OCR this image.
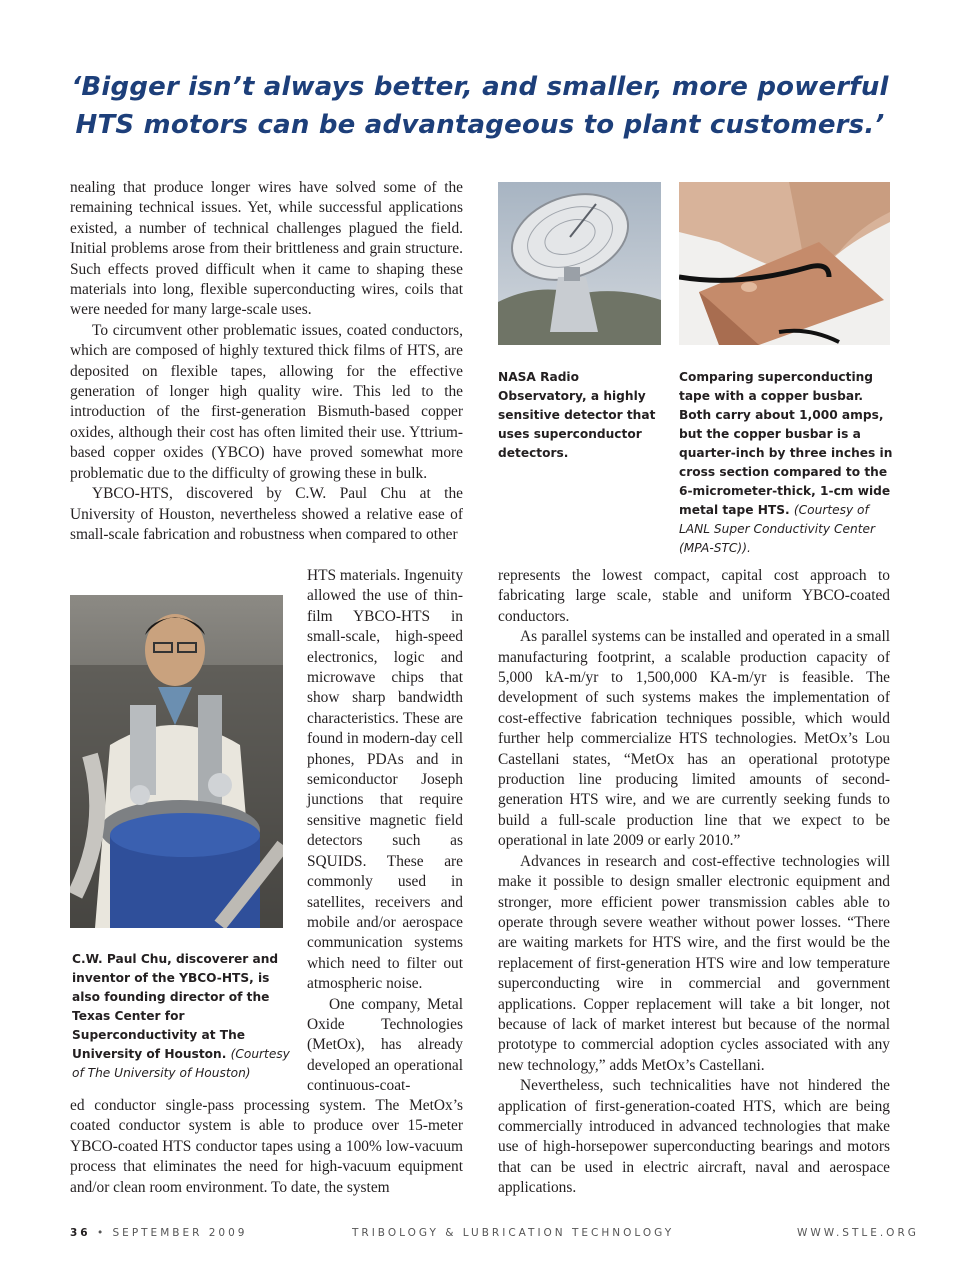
‘Bigger isn’t always better, and smaller, more powerful HTS motors can be advantageous to plant customers.’

nealing that produce longer wires have solved some of the remaining technical issues. Yet, while successful applications existed, a number of technical challenges plagued the field. Initial problems arose from their brittleness and grain structure. Such effects proved difficult when it came to shaping these materials into long, flexible superconducting wires, coils that were needed for many large-scale uses.

To circumvent other problematic issues, coated conductors, which are composed of highly textured thick films of HTS, are deposited on flexible tapes, allowing for the effective generation of longer high quality wire. This led to the introduction of the first-generation Bismuth-based copper oxides, although their cost has often limited their use. Yttrium-based copper oxides (YBCO) have proved somewhat more problematic due to the difficulty of growing these in bulk.

YBCO-HTS, discovered by C.W. Paul Chu at the University of Houston, nevertheless showed a relative ease of small-scale fabrication and robustness when compared to other

C.W. Paul Chu, discoverer and inventor of the YBCO-HTS, is also founding director of the Texas Center for Superconductivity at The University of Houston. (Courtesy of The University of Houston)

HTS materials. Ingenuity allowed the use of thin-film YBCO-HTS in small-scale, high-speed electronics, logic and microwave chips that show sharp bandwidth characteristics. These are found in modern-day cell phones, PDAs and in semiconductor Joseph junctions that require sensitive magnetic field detectors such as SQUIDS. These are commonly used in satellites, receivers and mobile and/or aerospace communication systems which need to filter out atmospheric noise.

One company, Metal Oxide Technologies (MetOx), has already developed an operational continuous-coat-

ed conductor single-pass processing system. The MetOx’s coated conductor system is able to produce over 15-meter YBCO-coated HTS conductor tapes using a 100% low-vacuum process that eliminates the need for high-vacuum equipment and/or clean room environment. To date, the system

NASA Radio Observatory, a highly sensitive detector that uses superconductor detectors.

Comparing superconducting tape with a copper busbar. Both carry about 1,000 amps, but the copper busbar is a quarter-inch by three inches in cross section compared to the 6-micrometer-thick, 1-cm wide metal tape HTS. (Courtesy of LANL Super Conductivity Center (MPA-STC)).

represents the lowest compact, capital cost approach to fabricating large scale, stable and uniform YBCO-coated conductors.

As parallel systems can be installed and operated in a small manufacturing footprint, a scalable production capacity of 5,000 kA-m/yr to 1,500,000 KA-m/yr is feasible. The development of such systems makes the implementation of cost-effective fabrication techniques possible, which would further help commercialize HTS technologies. MetOx’s Lou Castellani states, “MetOx has an operational prototype production line producing limited amounts of second-generation HTS wire, and we are currently seeking funds to build a full-scale production line that we expect to be operational in late 2009 or early 2010.”

Advances in research and cost-effective technologies will make it possible to design smaller electronic equipment and stronger, more efficient power transmission cables able to operate through severe weather without power losses. “There are waiting markets for HTS wire, and the first would be the replacement of first-generation HTS wire and low temperature superconducting wire in commercial and government applications. Copper replacement will take a bit longer, not because of lack of market interest but because of the normal prototype to commercial adoption cycles associated with any new technology,” adds MetOx’s Castellani.

Nevertheless, such technicalities have not hindered the application of first-generation-coated HTS, which are being commercially introduced in advanced technologies that make use of high-horsepower superconducting bearings and motors that can be used in electric aircraft, naval and aerospace applications.

36 • SEPTEMBER 2009	TRIBOLOGY & LUBRICATION TECHNOLOGY	WWW.STLE.ORG
